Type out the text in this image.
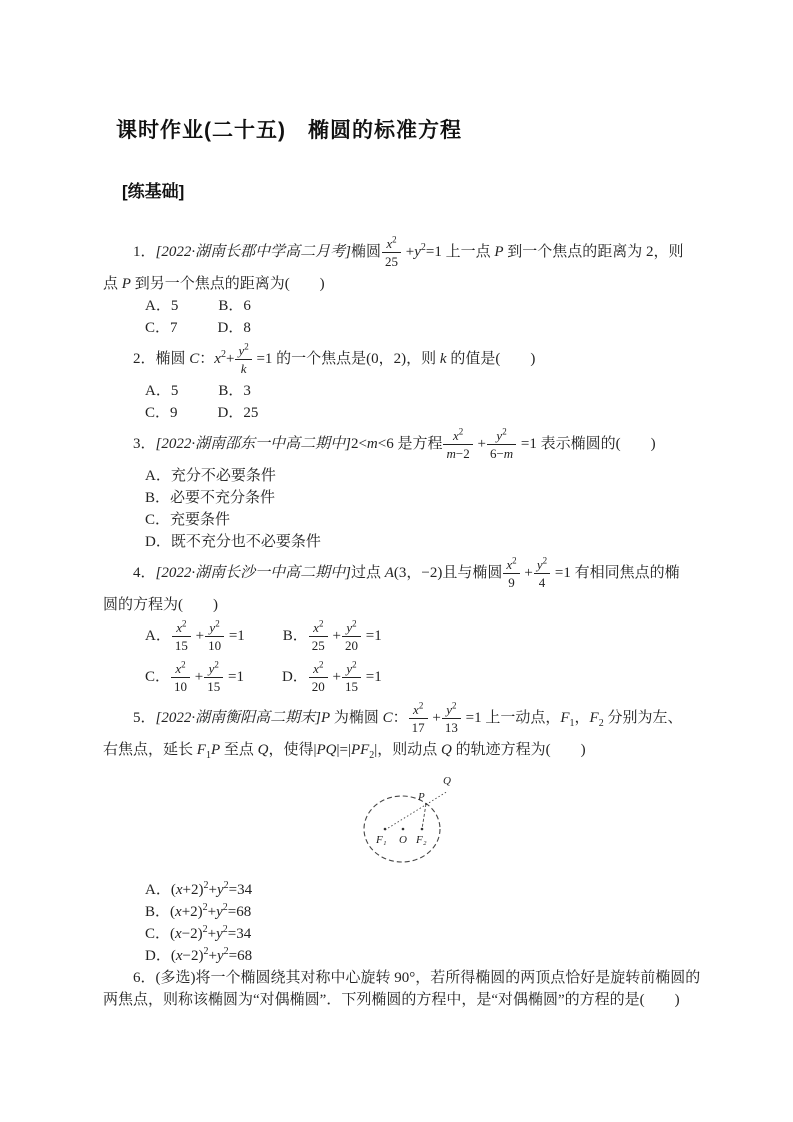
课时作业(二十五)　椭圆的标准方程
[练基础]
1．[2022·湖南长郡中学高二月考]椭圆 $\frac{x^2}{25} +y^2=1$ 上一点 P 到一个焦点的距离为 2，则
点 P 到另一个焦点的距离为(　　)
A．5	B．6
C．7	D．8
2．椭圆 C：$x^2+ \frac{y^2}{k} =1$ 的一个焦点是(0，2)，则 k 的值是(　　)
A．5	B．3
C．9	D．25
3．[2022·湖南邵东一中高二期中]2<m<6 是方程 $\frac{x^2}{m-2} + \frac{y^2}{6-m} =1$ 表示椭圆的(　　)
A．充分不必要条件
B．必要不充分条件
C．充要条件
D．既不充分也不必要条件
4．[2022·湖南长沙一中高二期中]过点 A(3，−2)且与椭圆 $\frac{x^2}{9} + \frac{y^2}{4} =1$ 有相同焦点的椭
圆的方程为(　　)
A． $\frac{x^2}{15} + \frac{y^2}{10} =1$	B． $\frac{x^2}{25} + \frac{y^2}{20} =1$
C． $\frac{x^2}{10} + \frac{y^2}{15} =1$	D． $\frac{x^2}{20} + \frac{y^2}{15} =1$
5．[2022·湖南衡阳高二期末]P 为椭圆 C： $\frac{x^2}{17} + \frac{y^2}{13} =1$ 上一动点，$F_1$，$F_2$ 分别为左、
右焦点，延长 $F_1P$ 至点 Q，使得$|PQ|=|PF_2|$，则动点 Q 的轨迹方程为(　　)
F₁ O F₂
P
Q
A．$(x+2)^2+y^2=34$
B．$(x+2)^2+y^2=68$
C．$(x-2)^2+y^2=34$
D．$(x-2)^2+y^2=68$
6．(多选)将一个椭圆绕其对称中心旋转 90°，若所得椭圆的两顶点恰好是旋转前椭圆的
两焦点，则称该椭圆为“对偶椭圆”．下列椭圆的方程中，是“对偶椭圆”的方程的是(　　)
